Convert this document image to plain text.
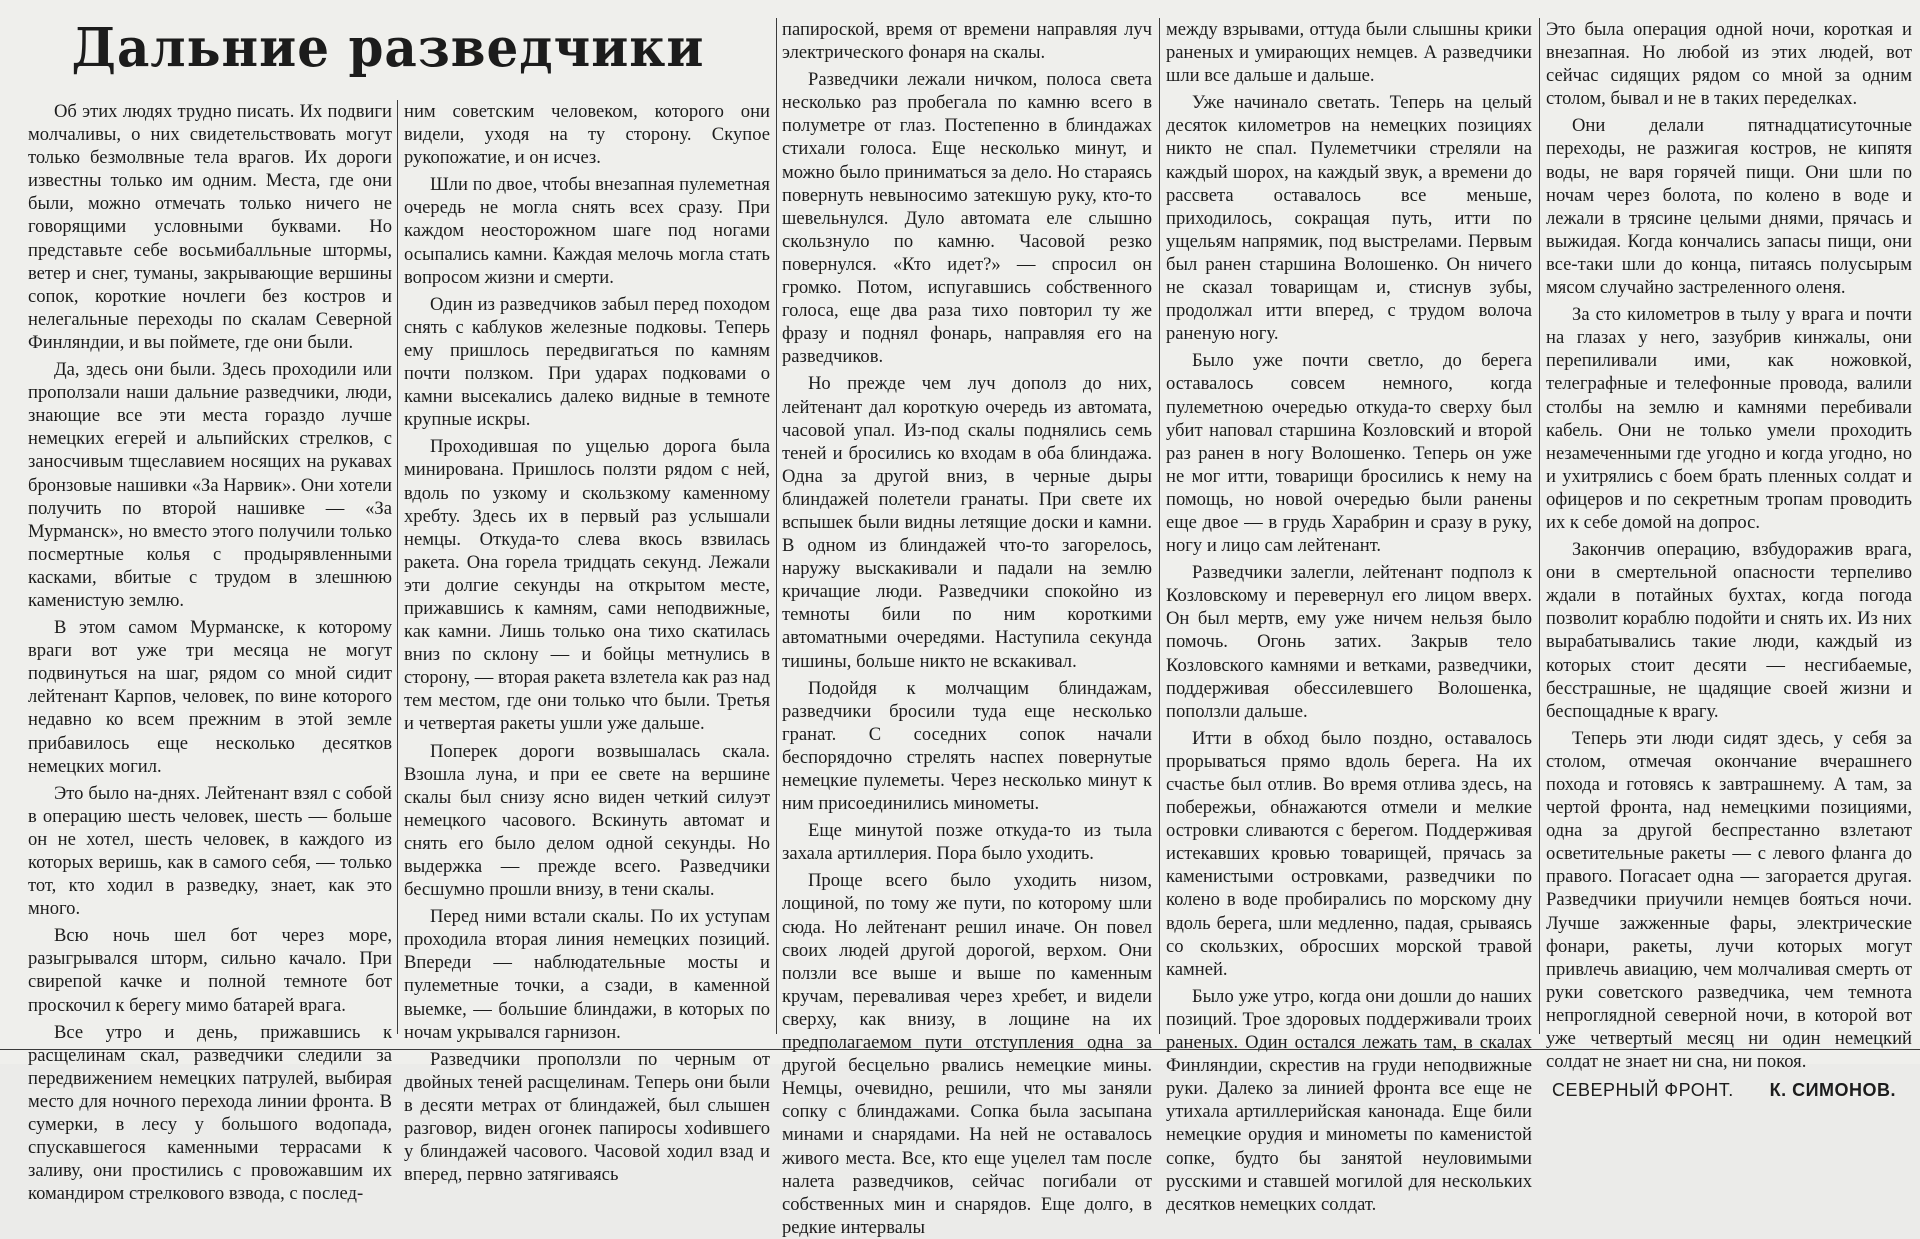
Дальние разведчики

Об этих людях трудно писать. Их подвиги молчаливы, о них свидетельствовать могут только безмолвные тела врагов. Их дороги известны только им одним. Места, где они были, можно отмечать только ничего не говорящими условными буквами. Но представьте себе восьмибалльные штормы, ветер и снег, туманы, закрывающие вершины сопок, короткие ночлеги без костров и нелегальные переходы по скалам Северной Финляндии, и вы поймете, где они были.

Да, здесь они были. Здесь проходили или проползали наши дальние разведчики, люди, знающие все эти места гораздо лучше немецких егерей и альпийских стрелков, с заносчивым тщеславием носящих на рукавах бронзовые нашивки «За Нарвик». Они хотели получить по второй нашивке — «За Мурманск», но вместо этого получили только посмертные колья с продырявленными касками, вбитые с трудом в злешнюю каменистую землю.

В этом самом Мурманске, к которому враги вот уже три месяца не могут подвинуться на шаг, рядом со мной сидит лейтенант Карпов, человек, по вине которого недавно ко всем прежним в этой земле прибавилось еще несколько десятков немецких могил.

Это было на-днях. Лейтенант взял с собой в операцию шесть человек, шесть — больше он не хотел, шесть человек, в каждого из которых веришь, как в самого себя, — только тот, кто ходил в разведку, знает, как это много.

Всю ночь шел бот через море, разыгрывался шторм, сильно качало. При свирепой качке и полной темноте бот проскочил к берегу мимо батарей врага.

Все утро и день, прижавшись к расщелинам скал, разведчики следили за передвижением немецких патрулей, выбирая место для ночного перехода линии фронта. В сумерки, в лесу у большого водопада, спускавшегося каменными террасами к заливу, они простились с провожавшим их командиром стрелкового взвода, с послед-

ним советским человеком, которого они видели, уходя на ту сторону. Скупое рукопожатие, и он исчез.

Шли по двое, чтобы внезапная пулеметная очередь не могла снять всех сразу. При каждом неосторожном шаге под ногами осыпались камни. Каждая мелочь могла стать вопросом жизни и смерти.

Один из разведчиков забыл перед походом снять с каблуков железные подковы. Теперь ему пришлось передвигаться по камням почти ползком. При ударах подковами о камни высекались далеко видные в темноте крупные искры.

Проходившая по ущелью дорога была минирована. Пришлось ползти рядом с ней, вдоль по узкому и скользкому каменному хребту. Здесь их в первый раз услышали немцы. Откуда-то слева вкось взвилась ракета. Она горела тридцать секунд. Лежали эти долгие секунды на открытом месте, прижавшись к камням, сами неподвижные, как камни. Лишь только она тихо скатилась вниз по склону — и бойцы метнулись в сторону, — вторая ракета взлетела как раз над тем местом, где они только что были. Третья и четвертая ракеты ушли уже дальше.

Поперек дороги возвышалась скала. Взошла луна, и при ее свете на вершине скалы был снизу ясно виден четкий силуэт немецкого часового. Вскинуть автомат и снять его было делом одной секунды. Но выдержка — прежде всего. Разведчики бесшумно прошли внизу, в тени скалы.

Перед ними встали скалы. По их уступам проходила вторая линия немецких позиций. Впереди — наблюдательные мосты и пулеметные точки, а сзади, в каменной выемке, — большие блиндажи, в которых по ночам укрывался гарнизон.

Разведчики проползли по черным от двойных теней расщелинам. Теперь они были в десяти метрах от блиндажей, был слышен разговор, виден огонек папиросы хodившего у блиндажей часового. Часовой ходил взад и вперед, первно затягиваясь

папироской, время от времени направляя луч электрического фонаря на скалы.

Разведчики лежали ничком, полоса света несколько раз пробегала по камню всего в полуметре от глаз. Постепенно в блиндажах стихали голоса. Еще несколько минут, и можно было приниматься за дело. Но стараясь повернуть невыносимо затекшую руку, кто-то шевельнулся. Дуло автомата еле слышно скользнуло по камню. Часовой резко повернулся. «Кто идет?» — спросил он громко. Потом, испугавшись собственного голоса, еще два раза тихо повторил ту же фразу и поднял фонарь, направляя его на разведчиков.

Но прежде чем луч дополз до них, лейтенант дал короткую очередь из автомата, часовой упал. Из-под скалы поднялись семь теней и бросились ко входам в оба блиндажа. Одна за другой вниз, в черные дыры блиндажей полетели гранаты. При свете их вспышек были видны летящие доски и камни. В одном из блиндажей что-то загорелось, наружу выскакивали и падали на землю кричащие люди. Разведчики спокойно из темноты били по ним короткими автоматными очередями. Наступила секунда тишины, больше никто не вскакивал.

Подойдя к молчащим блиндажам, разведчики бросили туда еще несколько гранат. С соседних сопок начали беспорядочно стрелять наспех повернутые немецкие пулеметы. Через несколько минут к ним присоединились минометы.

Еще минутой позже откуда-то из тыла захала артиллерия. Пора было уходить.

Проще всего было уходить низом, лощиной, по тому же пути, по которому шли сюда. Но лейтенант решил иначе. Он повел своих людей другой дорогой, верхом. Они ползли все выше и выше по каменным кручам, переваливая через хребет, и видели сверху, как внизу, в лощине на их предполагаемом пути отступления одна за другой бесцельно рвались немецкие мины. Немцы, очевидно, решили, что мы заняли сопку с блиндажами. Сопка была засыпана минами и снарядами. На ней не оставалось живого места. Все, кто еще уцелел там после налета разведчиков, сейчас погибали от собственных мин и снарядов. Еще долго, в редкие интервалы

между взрывами, оттуда были слышны крики раненых и умирающих немцев. А разведчики шли все дальше и дальше.

Уже начинало светать. Теперь на целый десяток километров на немецких позициях никто не спал. Пулеметчики стреляли на каждый шорох, на каждый звук, а времени до рассвета оставалось все меньше, приходилось, сокращая путь, итти по ущельям напрямик, под выстрелами. Первым был ранен старшина Волошенко. Он ничего не сказал товарищам и, стиснув зубы, продолжал итти вперед, с трудом волоча раненую ногу.

Было уже почти светло, до берега оставалось совсем немного, когда пулеметною очередью откуда-то сверху был убит наповал старшина Козловский и второй раз ранен в ногу Волошенко. Теперь он уже не мог итти, товарищи бросились к нему на помощь, но новой очередью были ранены еще двое — в грудь Харабрин и сразу в руку, ногу и лицо сам лейтенант.

Разведчики залегли, лейтенант подполз к Козловскому и перевернул его лицом вверх. Он был мертв, ему уже ничем нельзя было помочь. Огонь затих. Закрыв тело Козловского камнями и ветками, разведчики, поддерживая обессилевшего Волошенка, поползли дальше.

Итти в обход было поздно, оставалось прорываться прямо вдоль берега. На их счастье был отлив. Во время отлива здесь, на побережьи, обнажаются отмели и мелкие островки сливаются с берегом. Поддерживая истекавших кровью товарищей, прячась за каменистыми островками, разведчики по колено в воде пробирались по морскому дну вдоль берега, шли медленно, падая, срываясь со скользких, обросших морской травой камней.

Было уже утро, когда они дошли до наших позиций. Трое здоровых поддерживали троих раненых. Один остался лежать там, в скалах Финляндии, скрестив на груди неподвижные руки. Далеко за линией фронта все еще не утихала артиллерийская канонада. Еще били немецкие орудия и минометы по каменистой сопке, будто бы занятой неуловимыми русскими и ставшей могилой для нескольких десятков немецких солдат.

Это была операция одной ночи, короткая и внезапная. Но любой из этих людей, вот сейчас сидящих рядом со мной за одним столом, бывал и не в таких переделках.

Они делали пятнадцатисуточные переходы, не разжигая костров, не кипятя воды, не варя горячей пищи. Они шли по ночам через болота, по колено в воде и лежали в трясине целыми днями, прячась и выжидая. Когда кончались запасы пищи, они все-таки шли до конца, питаясь полусырым мясом случайно застреленного оленя.

За сто километров в тылу у врага и почти на глазах у него, зазубрив кинжалы, они перепиливали ими, как ножовкой, телеграфные и телефонные провода, валили столбы на землю и камнями перебивали кабель. Они не только умели проходить незамеченными где угодно и когда угодно, но и ухитрялись с боем брать пленных солдат и офицеров и по секретным тропам проводить их к себе домой на допрос.

Закончив операцию, взбудоражив врага, они в смертельной опасности терпеливо ждали в потайных бухтах, когда погода позволит кораблю подойти и снять их. Из них вырабатывались такие люди, каждый из которых стоит десяти — несгибаемые, бесстрашные, не щадящие своей жизни и беспощадные к врагу.

Теперь эти люди сидят здесь, у себя за столом, отмечая окончание вчерашнего похода и готовясь к завтрашнему. А там, за чертой фронта, над немецкими позициями, одна за другой беспрестанно взлетают осветительные ракеты — с левого фланга до правого. Погасает одна — загорается другая. Разведчики приучили немцев бояться ночи. Лучше зажженные фары, электрические фонари, ракеты, лучи которых могут привлечь авиацию, чем молчаливая смерть от руки советского разведчика, чем темнота непроглядной северной ночи, в которой вот уже четвертый месяц ни один немецкий солдат не знает ни сна, ни покоя.

СЕВЕРНЫЙ ФРОНТ. К. СИМОНОВ.
